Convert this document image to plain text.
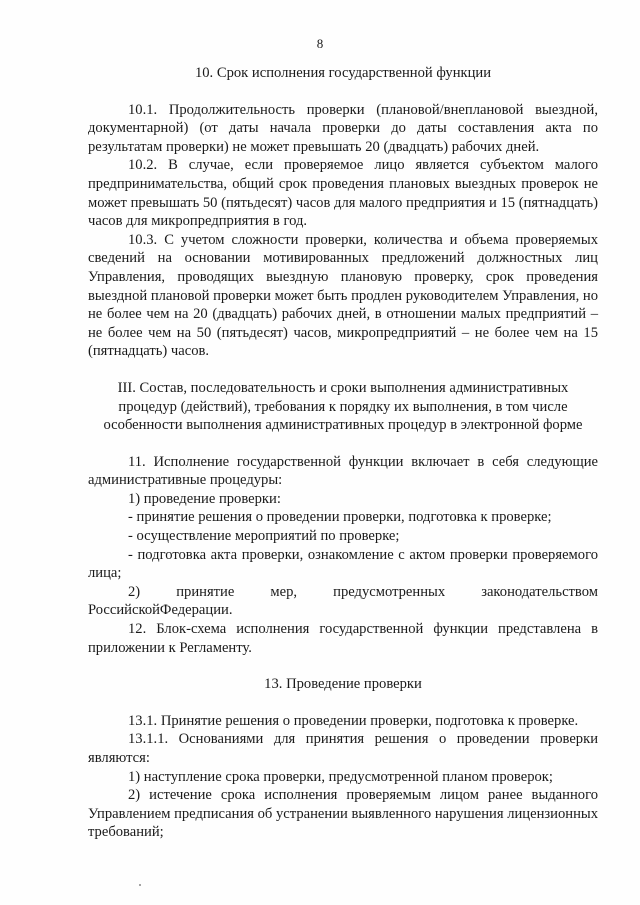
8

10. Срок исполнения государственной функции

10.1. Продолжительность проверки (плановой/внеплановой выездной, документарной) (от даты начала проверки до даты составления акта по результатам проверки) не может превышать 20 (двадцать) рабочих дней.

10.2. В случае, если проверяемое лицо является субъектом малого предпринимательства, общий срок проведения плановых выездных проверок не может превышать 50 (пятьдесят) часов для малого предприятия и 15 (пятнадцать) часов для микропредприятия в год.

10.3. С учетом сложности проверки, количества и объема проверяемых сведений на основании мотивированных предложений должностных лиц Управления, проводящих выездную плановую проверку, срок проведения выездной плановой проверки может быть продлен руководителем Управления, но не более чем на 20 (двадцать) рабочих дней, в отношении малых предприятий – не более чем на 50 (пятьдесят) часов, микропредприятий – не более чем на 15 (пятнадцать) часов.

III. Состав, последовательность и сроки выполнения административных

процедур (действий), требования к порядку их выполнения, в том числе

особенности выполнения административных процедур в электронной форме

11. Исполнение государственной функции включает в себя следующие административные процедуры:

1) проведение проверки:

- принятие решения о проведении проверки, подготовка к проверке;

- осуществление мероприятий по проверке;

- подготовка акта проверки, ознакомление с актом проверки проверяемого лица;

2) принятие мер, предусмотренных законодательством

РоссийскойФедерации.

12. Блок-схема исполнения государственной функции представлена в приложении к Регламенту.

13. Проведение проверки

13.1. Принятие решения о проведении проверки, подготовка к проверке.

13.1.1. Основаниями для принятия решения о проведении проверки являются:

1) наступление срока проверки, предусмотренной планом проверок;

2) истечение срока исполнения проверяемым лицом ранее выданного Управлением предписания об устранении выявленного нарушения лицензионных требований;
